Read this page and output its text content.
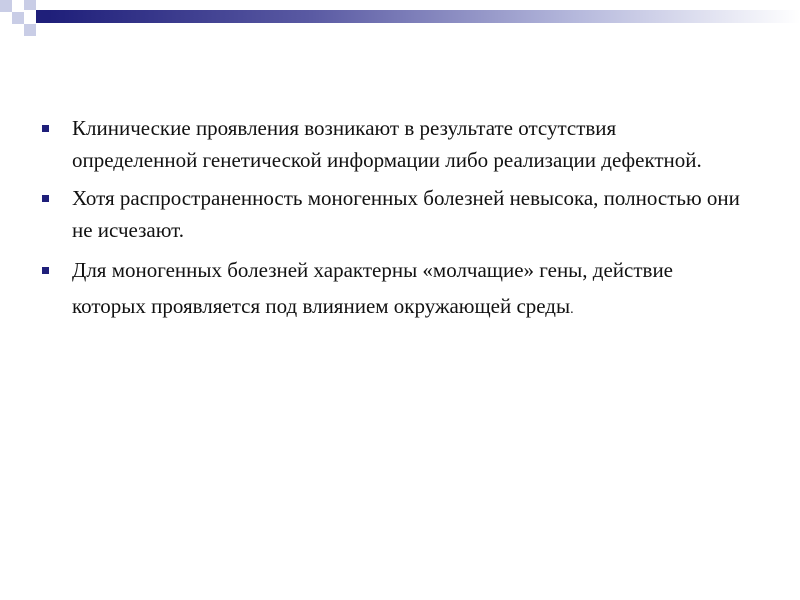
Клинические проявления возникают в результате отсутствия определенной генетической информации либо реализации дефектной.
Хотя распространенность моногенных болезней невысока, полностью они не исчезают.
Для моногенных болезней характерны «молчащие» гены, действие которых проявляется под влиянием окружающей среды.
